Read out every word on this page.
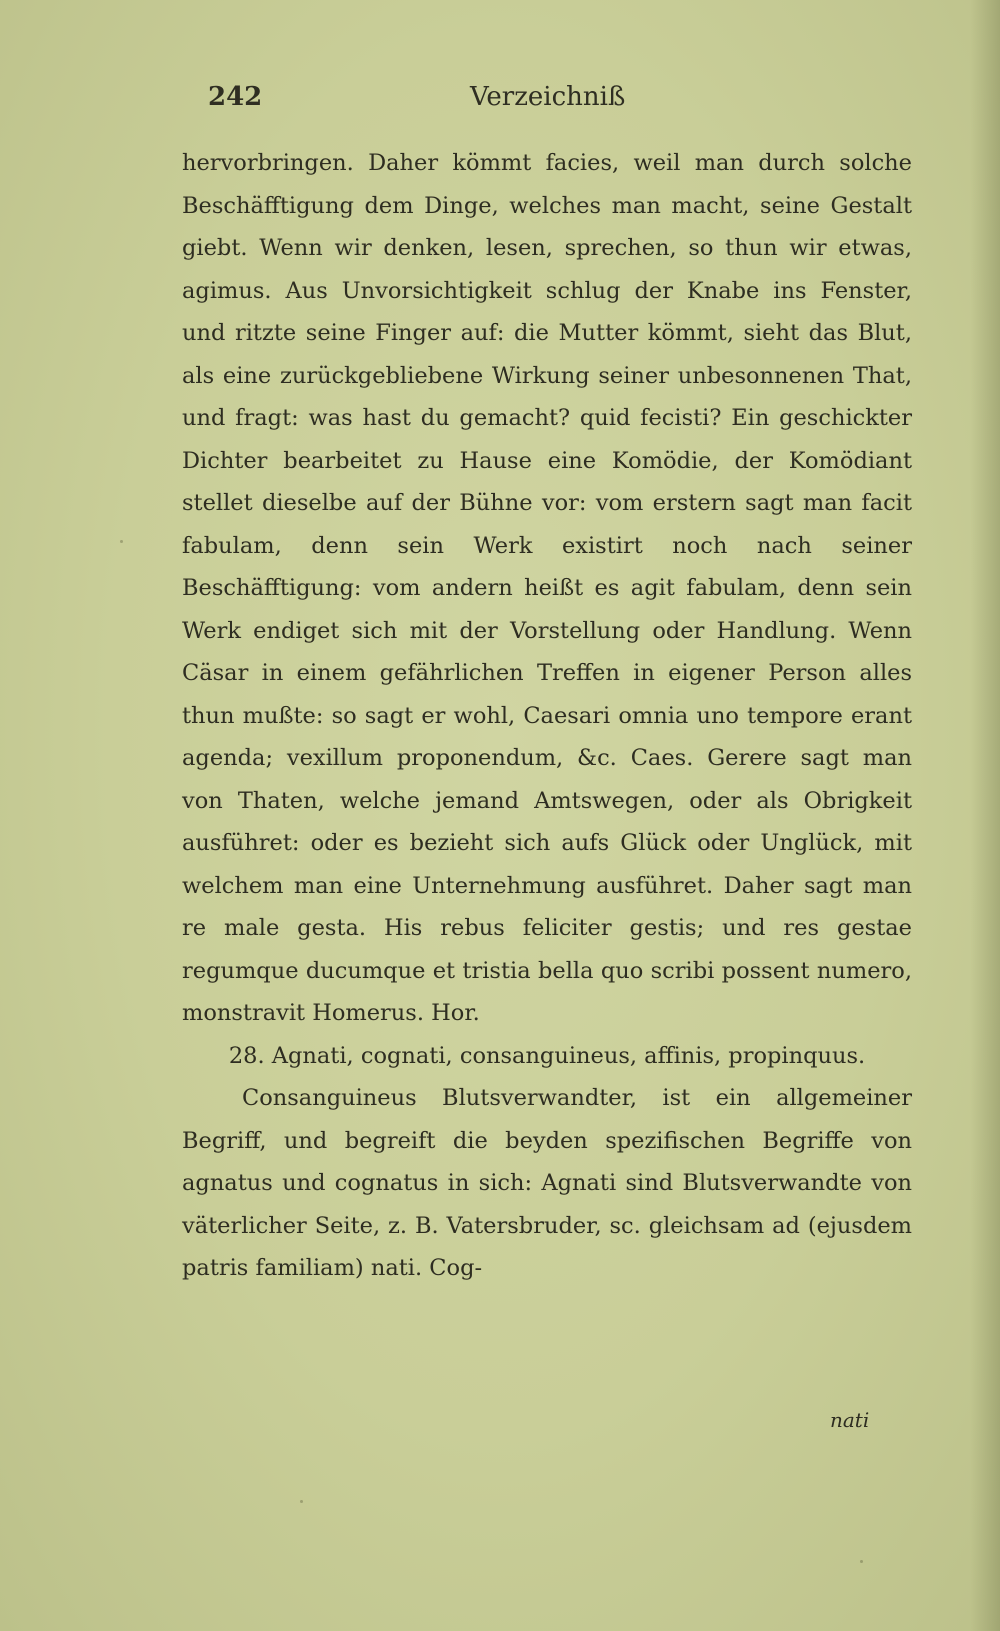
242	Verzeichniß

hervorbringen. Daher kömmt facies, weil man durch solche Beschäfftigung dem Dinge, welches man macht, seine Gestalt giebt. Wenn wir denken, lesen, sprechen, so thun wir etwas, agimus. Aus Unvorsichtigkeit schlug der Knabe ins Fenster, und ritzte seine Finger auf: die Mutter kömmt, sieht das Blut, als eine zurückgebliebene Wirkung seiner unbesonnenen That, und fragt: was hast du gemacht? quid fecisti? Ein geschickter Dichter bearbeitet zu Hause eine Komödie, der Komödiant stellet dieselbe auf der Bühne vor: vom erstern sagt man facit fabulam, denn sein Werk existirt noch nach seiner Beschäfftigung: vom andern heißt es agit fabulam, denn sein Werk endiget sich mit der Vorstellung oder Handlung. Wenn Cäsar in einem gefährlichen Treffen in eigener Person alles thun mußte: so sagt er wohl, Caesari omnia uno tempore erant agenda; vexillum proponendum, &c. Caes. Gerere sagt man von Thaten, welche jemand Amtswegen, oder als Obrigkeit ausführet: oder es bezieht sich aufs Glück oder Unglück, mit welchem man eine Unternehmung ausführet. Daher sagt man re male gesta. His rebus feliciter gestis; und res gestae regumque ducumque et tristia bella quo scribi possent numero, monstravit Homerus. Hor.

28. Agnati, cognati, consanguineus, affinis, propinquus.

Consanguineus Blutsverwandter, ist ein allgemeiner Begriff, und begreift die beyden spezifischen Begriffe von agnatus und cognatus in sich: Agnati sind Blutsverwandte von väterlicher Seite, z. B. Vatersbruder, sc. gleichsam ad (ejusdem patris familiam) nati. Cog-

nati
